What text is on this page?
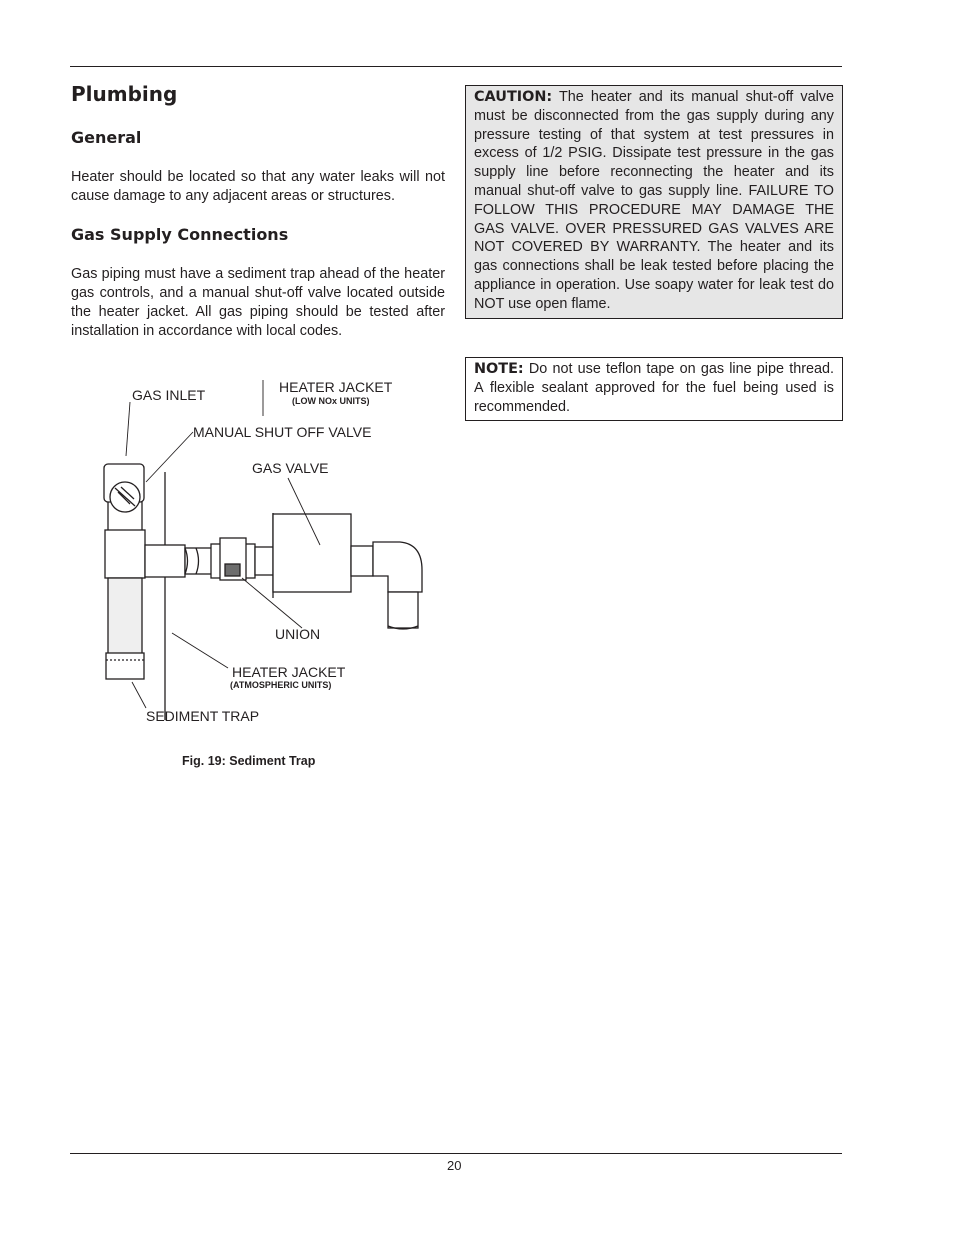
Plumbing
General

Heater should be located so that any water leaks will not cause damage to any adjacent areas or structures.

Gas Supply Connections

Gas piping must have a sediment trap ahead of the heater gas controls, and a manual shut-off valve located outside the heater jacket. All gas piping should be tested after installation in accordance with local codes.

CAUTION: The heater and its manual shut-off valve must be disconnected from the gas supply during any pressure testing of that system at test pressures in excess of 1/2 PSIG. Dissipate test pressure in the gas supply line before reconnecting the heater and its manual shut-off valve to gas supply line. FAILURE TO FOLLOW THIS PROCEDURE MAY DAMAGE THE GAS VALVE. OVER PRESSURED GAS VALVES ARE NOT COVERED BY WARRANTY. The heater and its gas connections shall be leak tested before placing the appliance in operation. Use soapy water for leak test do NOT use open flame.
NOTE: Do not use teflon tape on gas line pipe thread. A flexible sealant approved for the fuel being used is recommended.
GAS INLET	HEATER JACKET
(LOW NOx UNITS)
MANUAL SHUT OFF VALVE
GAS VALVE
UNION
HEATER JACKET
(ATMOSPHERIC UNITS)
SEDIMENT TRAP
Fig. 19: Sediment Trap
20
